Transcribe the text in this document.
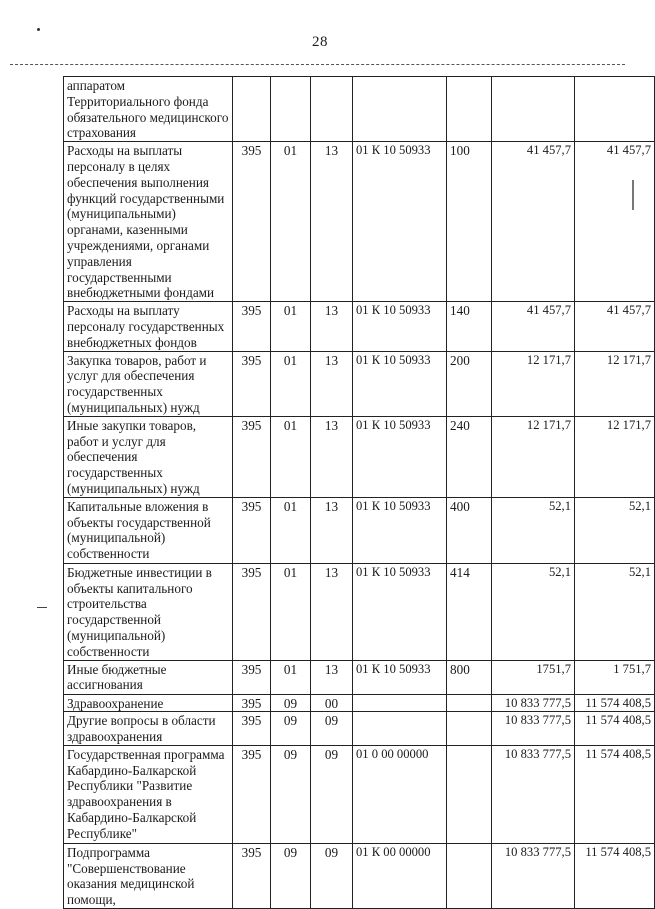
28
аппаратом Территориального фонда обязательного медицинского страхования							
Расходы на выплаты персоналу в целях обеспечения выполнения функций государственными (муниципальными) органами, казенными учреждениями, органами управления государственными внебюджетными фондами	395	01	13	01 К 10 50933	100	41 457,7	41 457,7
Расходы на выплату персоналу государственных внебюджетных фондов	395	01	13	01 К 10 50933	140	41 457,7	41 457,7
Закупка товаров, работ и услуг для обеспечения государственных (муниципальных) нужд	395	01	13	01 К 10 50933	200	12 171,7	12 171,7
Иные закупки товаров, работ и услуг для обеспечения государственных (муниципальных) нужд	395	01	13	01 К 10 50933	240	12 171,7	12 171,7
Капитальные вложения в объекты государственной (муниципальной) собственности	395	01	13	01 К 10 50933	400	52,1	52,1
Бюджетные инвестиции в объекты капитального строительства государственной (муниципальной) собственности	395	01	13	01 К 10 50933	414	52,1	52,1
Иные бюджетные ассигнования	395	01	13	01 К 10 50933	800	1751,7	1 751,7
Здравоохранение	395	09	00			10 833 777,5	11 574 408,5
Другие вопросы в области здравоохранения	395	09	09			10 833 777,5	11 574 408,5
Государственная программа Кабардино-Балкарской Республики "Развитие здравоохранения в Кабардино-Балкарской Республике"	395	09	09	01 0 00 00000		10 833 777,5	11 574 408,5
Подпрограмма "Совершенствование оказания медицинской помощи,	395	09	09	01 К 00 00000		10 833 777,5	11 574 408,5
